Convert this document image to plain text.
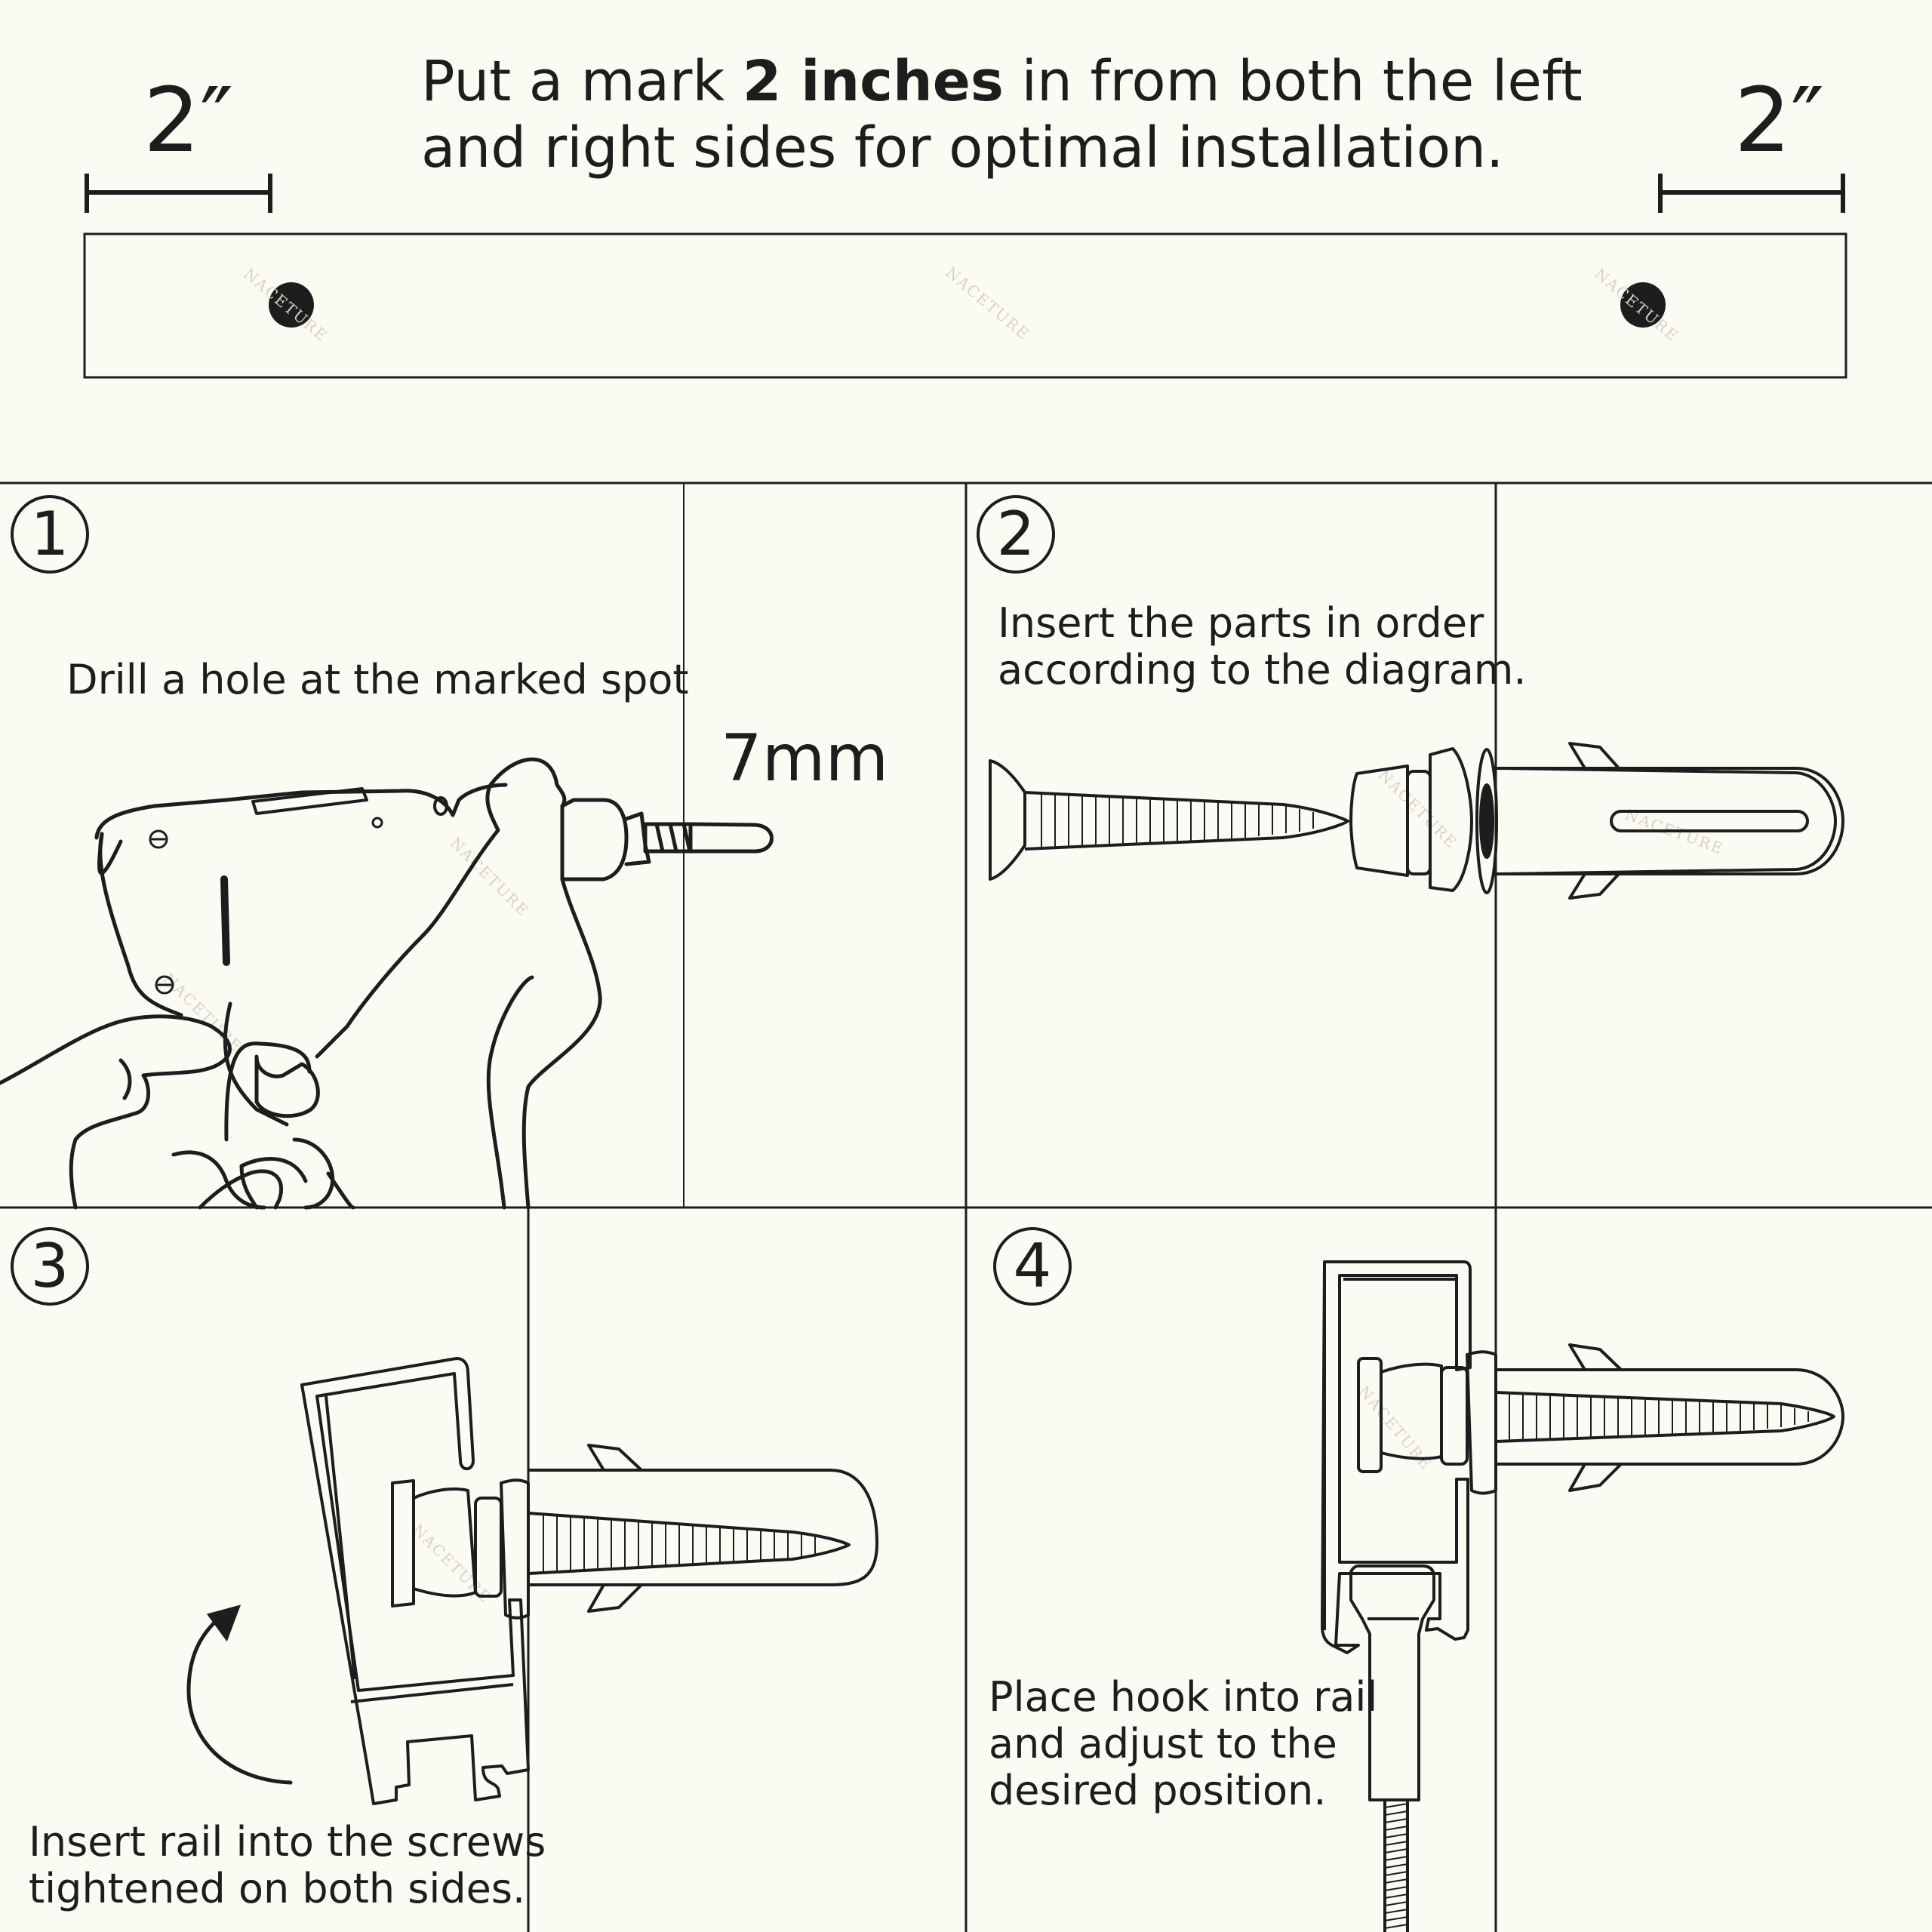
2″	2″
Put a mark 2 inches in from both the left
and right sides for optimal installation.
NACETURE	NACETURE	NACETURE
NACETURE
NACETURE
NACETURE	NACETURE
NACETURE
NACETURE
1	2
3	4
Drill a hole at the marked spot
7mm
Insert the parts in order
according to the diagram.
Insert rail into the screws
tightened on both sides.
Place hook into rail
and adjust to the
desired position.
